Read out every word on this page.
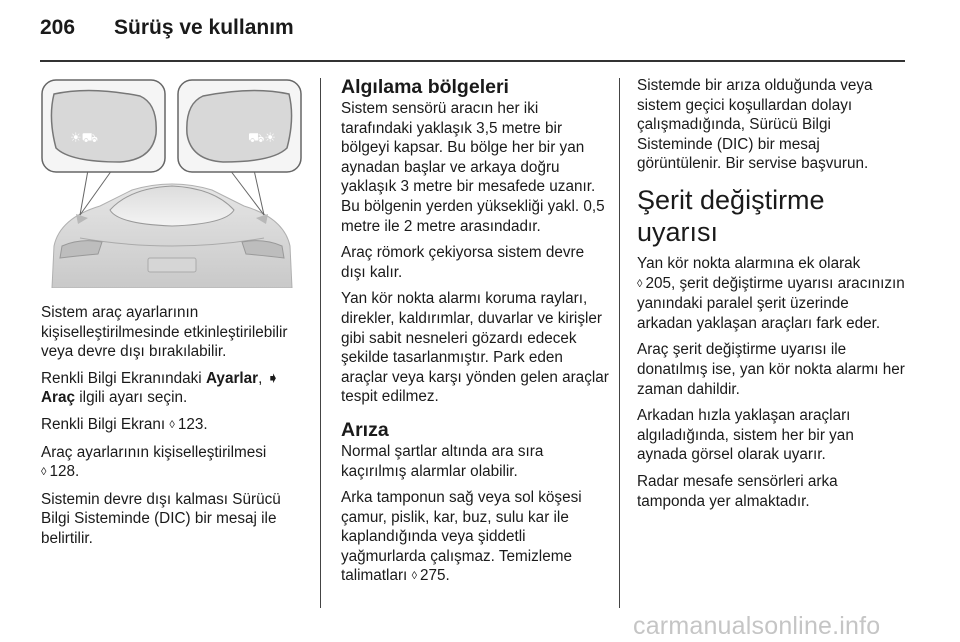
206 Sürüş ve kullanım
☀⛟	⛟☀

Sistem araç ayarlarının kişiselleştirilmesinde etkinleştirilebilir veya devre dışı bırakılabilir.

Renkli Bilgi Ekranındaki Ayarlar, ➧
Araç ilgili ayarı seçin.

Renkli Bilgi Ekranı ◊ 123.

Araç ayarlarının kişiselleştirilmesi
◊ 128.

Sistemin devre dışı kalması Sürücü Bilgi Sisteminde (DIC) bir mesaj ile belirtilir.

Algılama bölgeleri

Sistem sensörü aracın her iki tarafındaki yaklaşık 3,5 metre bir bölgeyi kapsar. Bu bölge her bir yan aynadan başlar ve arkaya doğru yaklaşık 3 metre bir mesafede uzanır. Bu bölgenin yerden yüksekliği yakl. 0,5 metre ile 2 metre arasındadır.

Araç römork çekiyorsa sistem devre dışı kalır.

Yan kör nokta alarmı koruma rayları, direkler, kaldırımlar, duvarlar ve kirişler gibi sabit nesneleri gözardı edecek şekilde tasarlanmıştır. Park eden araçlar veya karşı yönden gelen araçlar tespit edilmez.

Arıza

Normal şartlar altında ara sıra kaçırılmış alarmlar olabilir.

Arka tamponun sağ veya sol köşesi çamur, pislik, kar, buz, sulu kar ile kaplandığında veya şiddetli yağmurlarda çalışmaz. Temizleme talimatları ◊ 275.

Sistemde bir arıza olduğunda veya sistem geçici koşullardan dolayı çalışmadığında, Sürücü Bilgi Sisteminde (DIC) bir mesaj görüntülenir. Bir servise başvurun.

Şerit değiştirme uyarısı

Yan kör nokta alarmına ek olarak
◊ 205, şerit değiştirme uyarısı aracınızın yanındaki paralel şerit üzerinde arkadan yaklaşan araçları fark eder.

Araç şerit değiştirme uyarısı ile donatılmış ise, yan kör nokta alarmı her zaman dahildir.

Arkadan hızla yaklaşan araçları algıladığında, sistem her bir yan aynada görsel olarak uyarır.

Radar mesafe sensörleri arka tamponda yer almaktadır.

carmanualsonline.info
